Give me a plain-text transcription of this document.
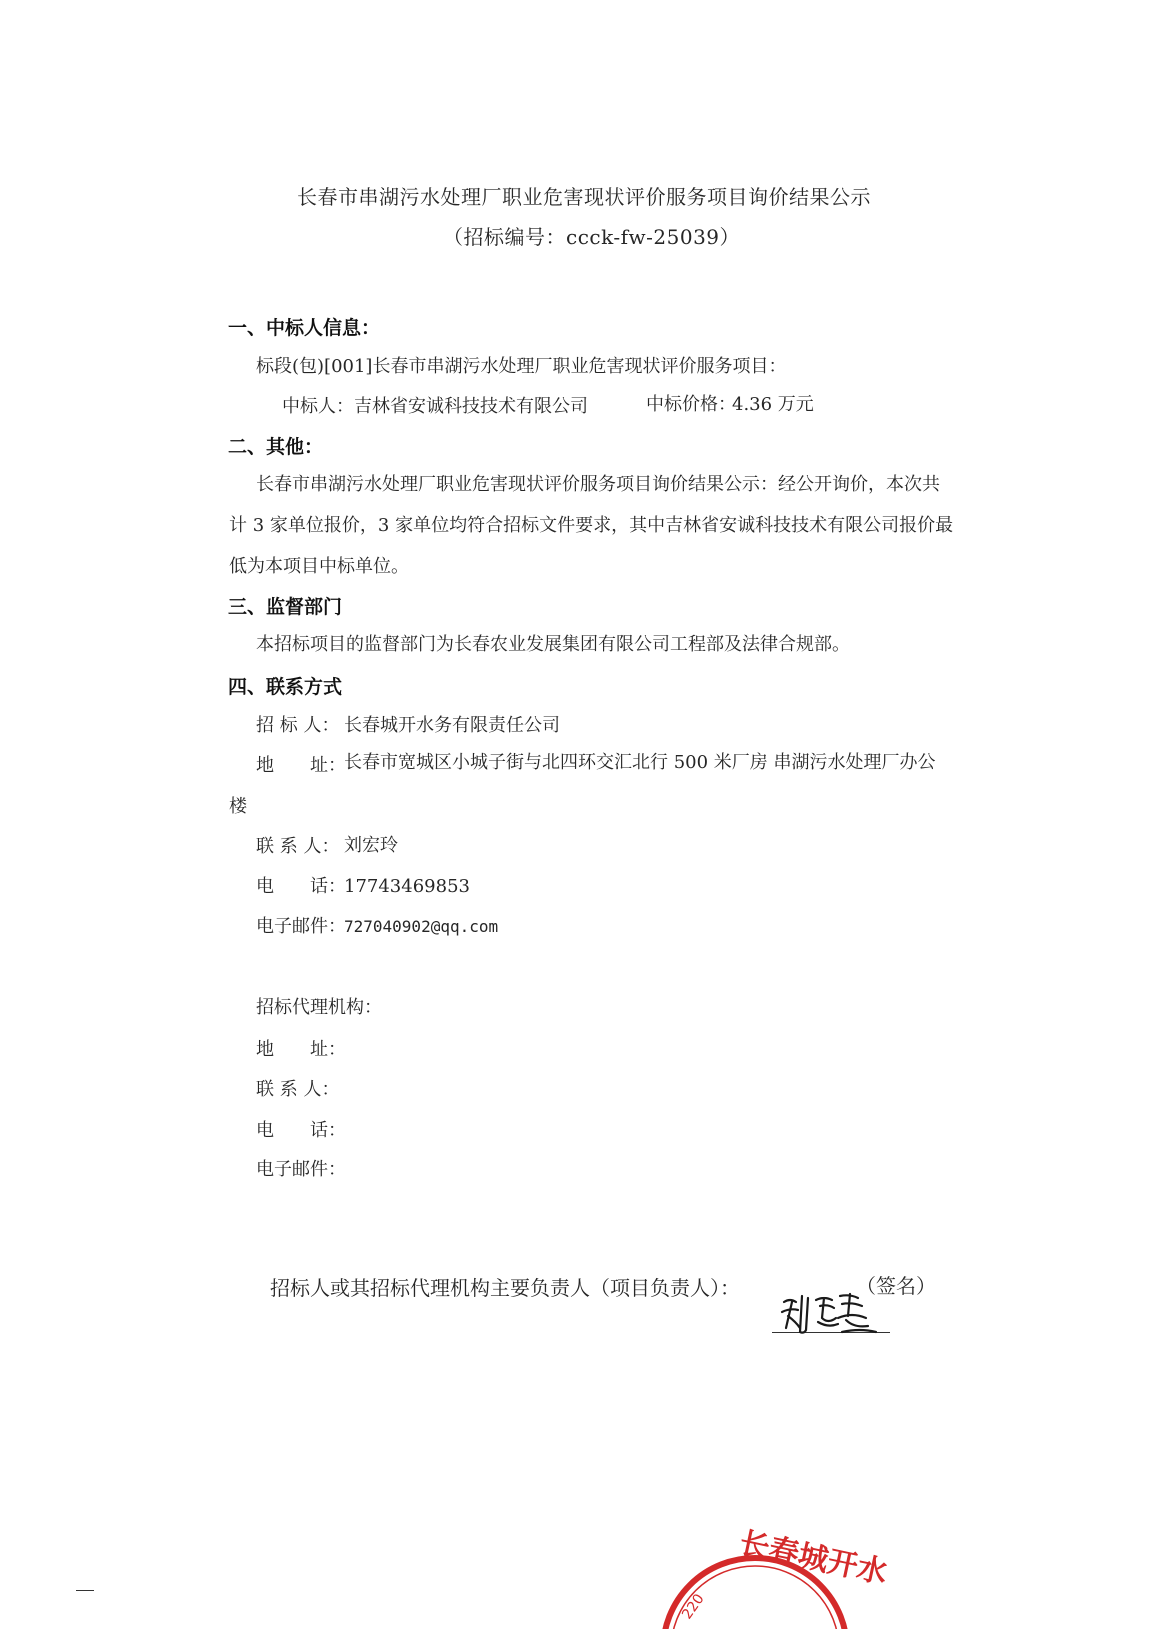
长春市串湖污水处理厂职业危害现状评价服务项目询价结果公示
（招标编号：ccck-fw-25039）
一、中标人信息：
标段(包)[001]长春市串湖污水处理厂职业危害现状评价服务项目：
中标人： 吉林省安诚科技技术有限公司	中标价格：
4.36 万元
二、其他：
长春市串湖污水处理厂职业危害现状评价服务项目询价结果公示：经公开询价，本次共
计 3 家单位报价，3 家单位均符合招标文件要求，其中吉林省安诚科技技术有限公司报价最
低为本项目中标单位。
三、监督部门
本招标项目的监督部门为长春农业发展集团有限公司工程部及法律合规部。
四、联系方式
招 标 人： 长春城开水务有限责任公司
地　　址：
长春市宽城区小城子街与北四环交汇北行 500 米厂房 串湖污水处理厂办公
楼
联 系 人： 刘宏玲
电　　话：
17743469853
电子邮件：
727040902@qq.com
招标代理机构：
地　　址：
联 系 人：
电　　话：
电子邮件：
招标人或其招标代理机构主要负责人（项目负责人）：	（签名）
220
长春城开水
